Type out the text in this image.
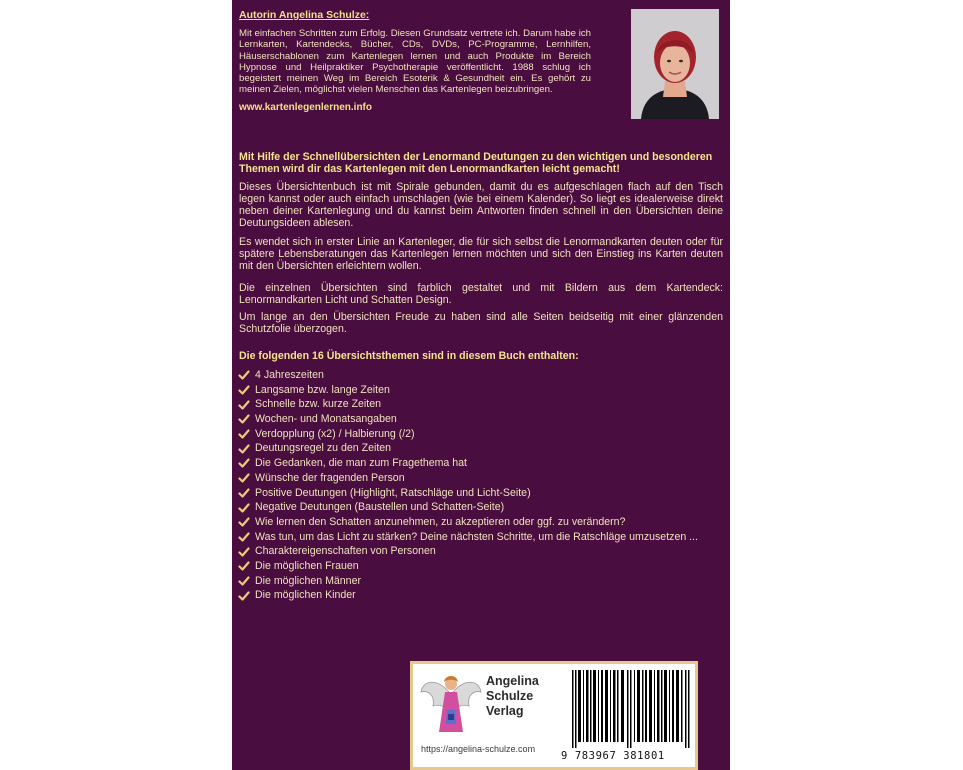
Autorin Angelina Schulze:
Mit einfachen Schritten zum Erfolg. Diesen Grundsatz vertrete ich. Darum habe ich Lernkarten, Kartendecks, Bücher, CDs, DVDs, PC-Programme, Lernhilfen, Häuserschablonen zum Kartenlegen lernen und auch Produkte im Bereich Hypnose und Heilpraktiker Psychotherapie veröffentlicht. 1988 schlug ich begeistert meinen Weg im Bereich Esoterik & Gesundheit ein. Es gehört zu meinen Zielen, möglichst vielen Menschen das Kartenlegen beizubringen.
www.kartenlegenlernen.info
Mit Hilfe der Schnellübersichten der Lenormand Deutungen zu den wichtigen und besonderen Themen wird dir das Kartenlegen mit den Lenormandkarten leicht gemacht!
Dieses Übersichtenbuch ist mit Spirale gebunden, damit du es aufgeschlagen flach auf den Tisch legen kannst oder auch einfach umschlagen (wie bei einem Kalender). So liegt es idealerweise direkt neben deiner Kartenlegung und du kannst beim Antworten finden schnell in den Übersichten deine Deutungsideen ablesen.
Es wendet sich in erster Linie an Kartenleger, die für sich selbst die Lenormandkarten deuten oder für spätere Lebensberatungen das Kartenlegen lernen möchten und sich den Einstieg ins Karten deuten mit den Übersichten erleichtern wollen.
Die einzelnen Übersichten sind farblich gestaltet und mit Bildern aus dem Kartendeck: Lenormandkarten Licht und Schatten Design.
Um lange an den Übersichten Freude zu haben sind alle Seiten beidseitig mit einer glänzenden Schutzfolie überzogen.
Die folgenden 16 Übersichtsthemen sind in diesem Buch enthalten:
4 Jahreszeiten
Langsame bzw. lange Zeiten
Schnelle bzw. kurze Zeiten
Wochen- und Monatsangaben
Verdopplung (x2) / Halbierung (/2)
Deutungsregel zu den Zeiten
Die Gedanken, die man zum Fragethema hat
Wünsche der fragenden Person
Positive Deutungen (Highlight, Ratschläge und Licht-Seite)
Negative Deutungen (Baustellen und Schatten-Seite)
Wie lernen den Schatten anzunehmen, zu akzeptieren oder ggf. zu verändern?
Was tun, um das Licht zu stärken? Deine nächsten Schritte, um die Ratschläge umzusetzen ...
Charaktereigenschaften von Personen
Die möglichen Frauen
Die möglichen Männer
Die möglichen Kinder
Angelina
Schulze
Verlag
https://angelina-schulze.com
9 783967 381801
